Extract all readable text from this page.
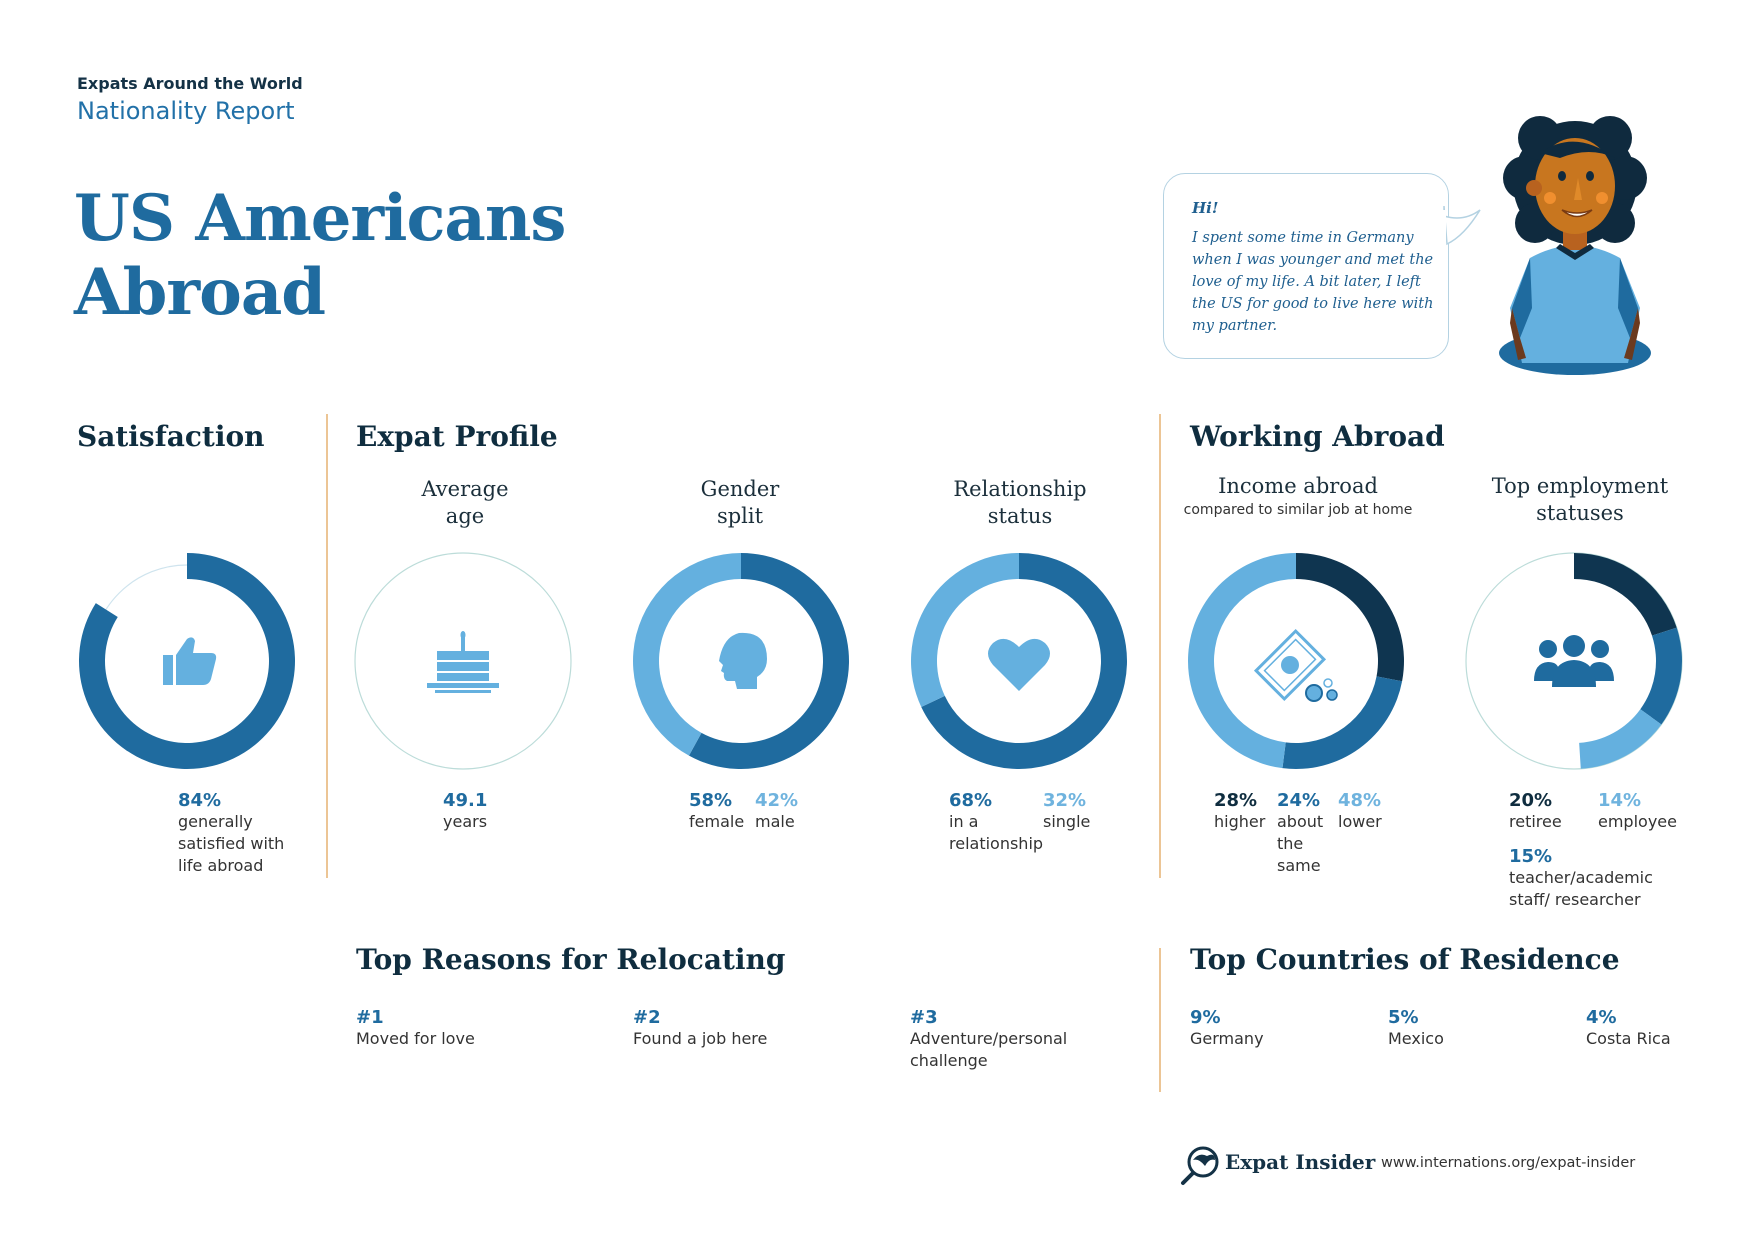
Expats Around the World
Nationality Report
US Americans
Abroad
Hi!
I spent some time in Germany when I was younger and met the love of my life. A bit later, I left the US for good to live here with my partner.
Satisfaction	Expat Profile	Working Abroad
Average
age
Gender
split
Relationship
status
Income abroad
compared to similar job at home
Top employment
statuses
84%
generally satisfied with life abroad
49.1
years
58%
female
42%
male
68%
in a relationship
32%
single
28%
higher
24%
about the same
48%
lower
20%
retiree
14%
employee
15%
teacher/academic staff/ researcher
Top Reasons for Relocating	Top Countries of Residence
#1
Moved for love
#2
Found a job here
#3
Adventure/personal challenge
9%
Germany
5%
Mexico
4%
Costa Rica
Expat Insider www.internations.org/expat-insider
